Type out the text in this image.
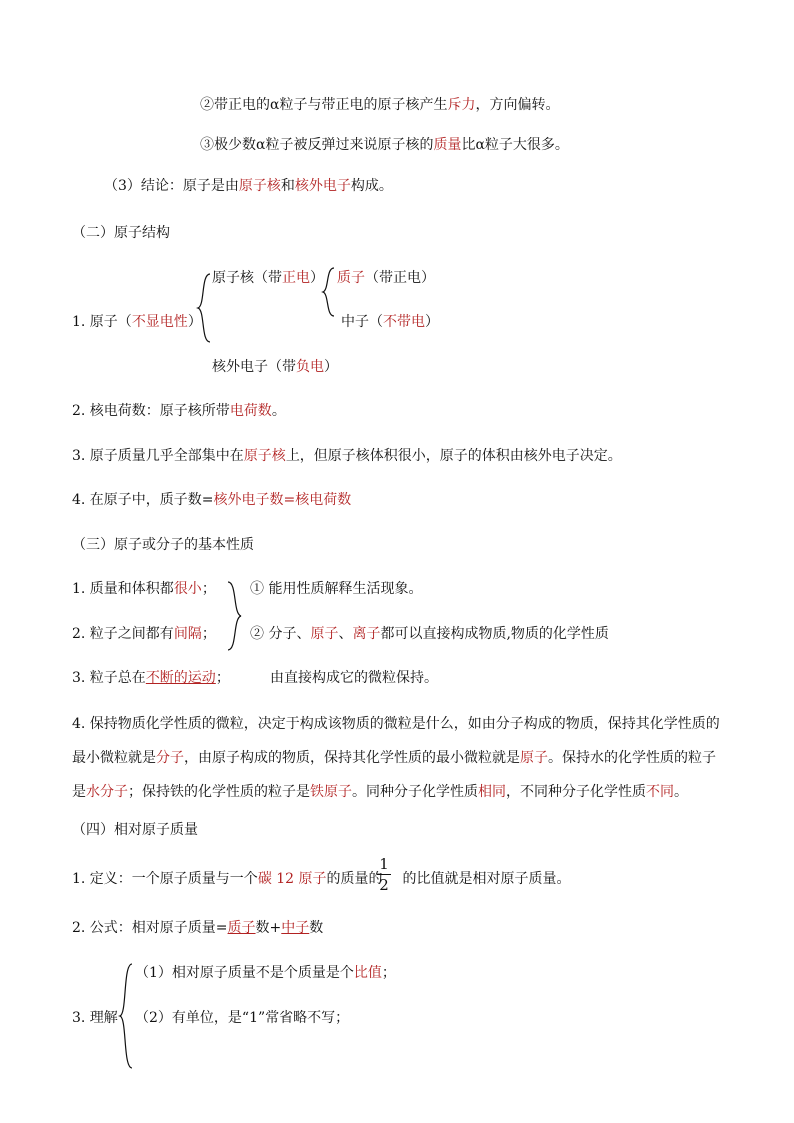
②带正电的α粒子与带正电的原子核产生斥力，方向偏转。
③极少数α粒子被反弹过来说原子核的质量比α粒子大很多。
（3）结论：原子是由原子核和核外电子构成。
（二）原子结构
原子核（带正电） 质子（带正电）
1. 原子（不显电性）	中子（不带电）
核外电子（带负电）
2. 核电荷数：原子核所带电荷数。
3. 原子质量几乎全部集中在原子核上，但原子核体积很小，原子的体积由核外电子决定。
4. 在原子中，质子数=核外电子数=核电荷数
（三）原子或分子的基本性质
1. 质量和体积都很小；
2. 粒子之间都有间隔；
3. 粒子总在不断的运动；
① 能用性质解释生活现象。
② 分子、原子、离子都可以直接构成物质,物质的化学性质
由直接构成它的微粒保持。
4. 保持物质化学性质的微粒，决定于构成该物质的微粒是什么，如由分子构成的物质，保持其化学性质的最小微粒就是分子，由原子构成的物质，保持其化学性质的最小微粒就是原子。保持水的化学性质的粒子是水分子；保持铁的化学性质的粒子是铁原子。同种分子化学性质相同，不同种分子化学性质不同。
（四）相对原子质量
1. 定义：一个原子质量与一个碳 12 原子的质量的 的比值就是相对原子质量。
1
2
2. 公式：相对原子质量=质子数+中子数
3. 理解
（1）相对原子质量不是个质量是个比值；
（2）有单位，是“1”常省略不写；
